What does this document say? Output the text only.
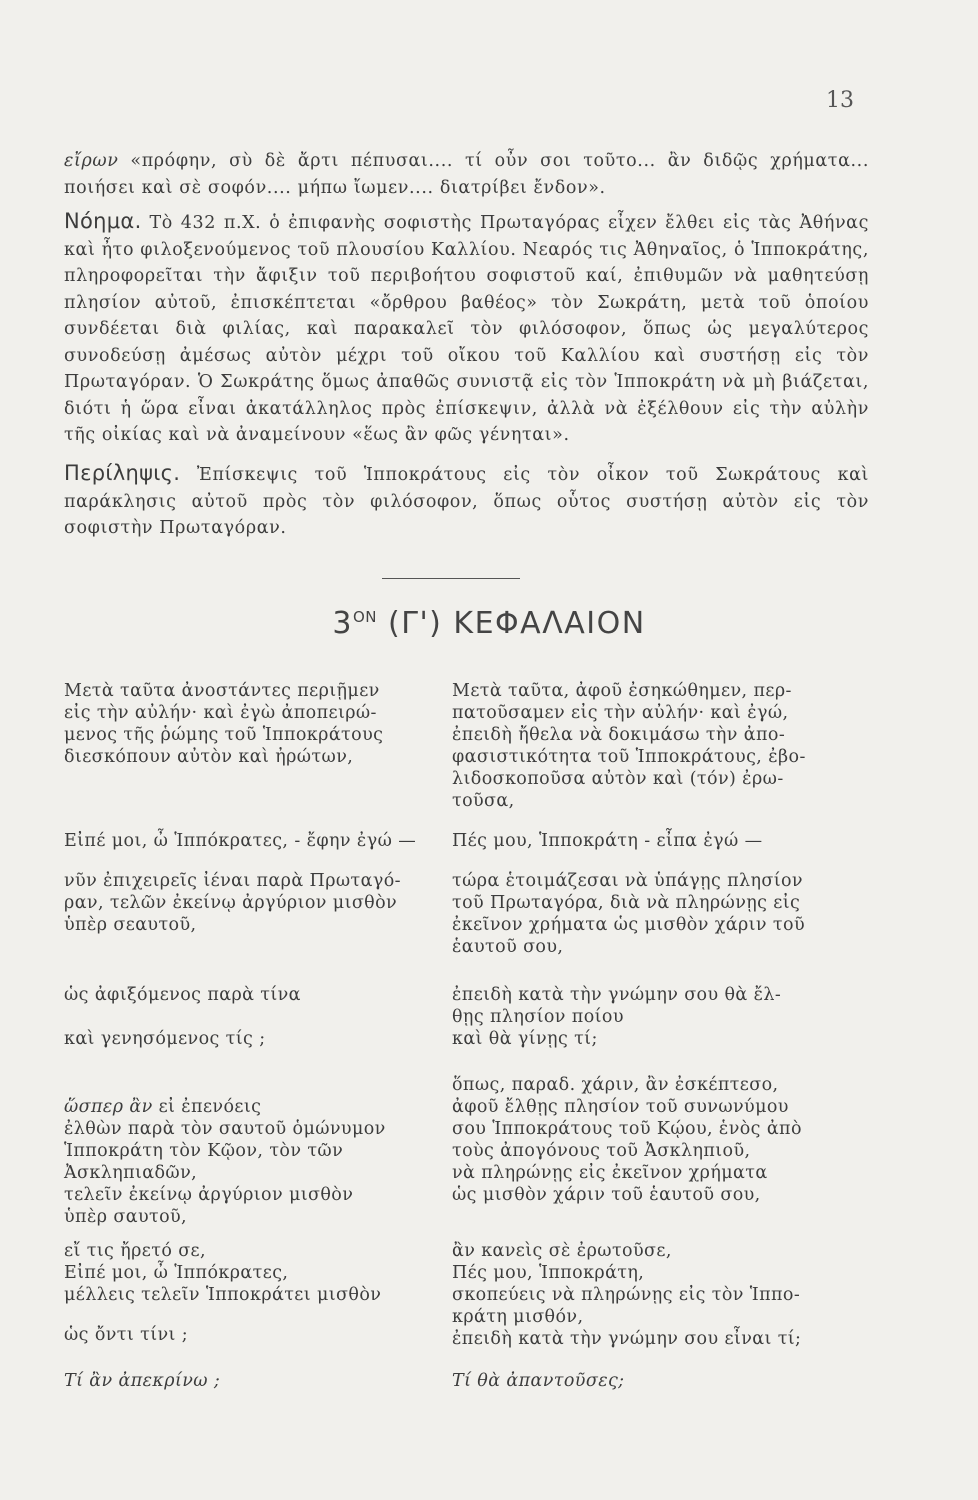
13
εἴρων «πρόφην, σὺ δὲ ἄρτι πέπυσαι.... τί οὖν σοι τοῦτο... ἂν διδῷς χρήματα... ποιήσει καὶ σὲ σοφόν.... μήπω ἴωμεν.... διατρίβει ἔνδον».
Νόημα. Τὸ 432 π.Χ. ὁ ἐπιφανὴς σοφιστὴς Πρωταγόρας εἶχεν ἔλθει εἰς τὰς Ἀθήνας καὶ ἦτο φιλοξενούμενος τοῦ πλουσίου Καλλίου. Νεαρός τις Ἀθηναῖος, ὁ Ἱπποκράτης, πληροφορεῖται τὴν ἄφιξιν τοῦ περιβοήτου σοφιστοῦ καί, ἐπιθυμῶν νὰ μαθητεύσῃ πλησίον αὐτοῦ, ἐπισκέπτεται «ὄρθρου βαθέος» τὸν Σωκράτη, μετὰ τοῦ ὁποίου συνδέεται διὰ φιλίας, καὶ παρακαλεῖ τὸν φιλόσοφον, ὅπως ὡς μεγαλύτερος συνοδεύσῃ ἀμέσως αὐτὸν μέχρι τοῦ οἴκου τοῦ Καλλίου καὶ συστήσῃ εἰς τὸν Πρωταγόραν. Ὁ Σωκράτης ὅμως ἀπαθῶς συνιστᾷ εἰς τὸν Ἱπποκράτη νὰ μὴ βιάζεται, διότι ἡ ὥρα εἶναι ἀκατάλληλος πρὸς ἐπίσκεψιν, ἀλλὰ νὰ ἐξέλθουν εἰς τὴν αὐλὴν τῆς οἰκίας καὶ νὰ ἀναμείνουν «ἕως ἂν φῶς γένηται».
Περίληψις. Ἐπίσκεψις τοῦ Ἱπποκράτους εἰς τὸν οἶκον τοῦ Σωκράτους καὶ παράκλησις αὐτοῦ πρὸς τὸν φιλόσοφον, ὅπως οὗτος συστήσῃ αὐτὸν εἰς τὸν σοφιστὴν Πρωταγόραν.
$3^{ON}$ (Γ') ΚΕΦΑΛΑΙΟΝ
Μετὰ ταῦτα ἀνοστάντες περιῇμεν
εἰς τὴν αὐλήν· καὶ ἐγὼ ἀποπειρώ-
μενος τῆς ῥώμης τοῦ Ἱπποκράτους
διεσκόπουν αὐτὸν καὶ ἠρώτων,
Εἰπέ μοι, ὦ Ἱππόκρατες, - ἔφην ἐγώ —
νῦν ἐπιχειρεῖς ἰέναι παρὰ Πρωταγό-
ραν, τελῶν ἐκείνῳ ἀργύριον μισθὸν
ὑπὲρ σεαυτοῦ,
ὡς ἀφιξόμενος παρὰ τίνα
καὶ γενησόμενος τίς ;

ὥσπερ ἂν εἰ ἐπενόεις
ἐλθὼν παρὰ τὸν σαυτοῦ ὁμώνυμον
Ἱπποκράτη τὸν Κῷον, τὸν τῶν
Ἀσκληπιαδῶν,
τελεῖν ἐκείνῳ ἀργύριον μισθὸν
ὑπὲρ σαυτοῦ,

εἴ τις ἤρετό σε,
Εἰπέ μοι, ὦ Ἱππόκρατες,
μέλλεις τελεῖν Ἱπποκράτει μισθὸν
ὡς ὄντι τίνι ;
Τί ἂν ἀπεκρίνω ;
Μετὰ ταῦτα, ἀφοῦ ἐσηκώθημεν, περ-
πατοῦσαμεν εἰς τὴν αὐλήν· καὶ ἐγώ,
ἐπειδὴ ἤθελα νὰ δοκιμάσω τὴν ἀπο-
φασιστικότητα τοῦ Ἱπποκράτους, ἐβο-
λιδοσκοποῦσα αὐτὸν καὶ (τόν) ἐρω-
τοῦσα,
Πές μου, Ἱπποκράτη - εἶπα ἐγώ —
τώρα ἑτοιμάζεσαι νὰ ὑπάγῃς πλησίον
τοῦ Πρωταγόρα, διὰ νὰ πληρώνῃς εἰς
ἐκεῖνον χρήματα ὡς μισθὸν χάριν τοῦ
ἑαυτοῦ σου,
ἐπειδὴ κατὰ τὴν γνώμην σου θὰ ἔλ-
θῃς πλησίον ποίου
καὶ θὰ γίνῃς τί;
ὅπως, παραδ. χάριν, ἂν ἐσκέπτεσο,
ἀφοῦ ἔλθῃς πλησίον τοῦ συνωνύμου
σου Ἱπποκράτους τοῦ Κῴου, ἑνὸς ἀπὸ
τοὺς ἀπογόνους τοῦ Ἀσκληπιοῦ,
νὰ πληρώνῃς εἰς ἐκεῖνον χρήματα
ὡς μισθὸν χάριν τοῦ ἑαυτοῦ σου,
ἂν κανεὶς σὲ ἐρωτοῦσε,
Πές μου, Ἱπποκράτη,
σκοπεύεις νὰ πληρώνῃς εἰς τὸν Ἱππο-
κράτη μισθόν,
ἐπειδὴ κατὰ τὴν γνώμην σου εἶναι τί;
Τί θὰ ἀπαντοῦσες;
